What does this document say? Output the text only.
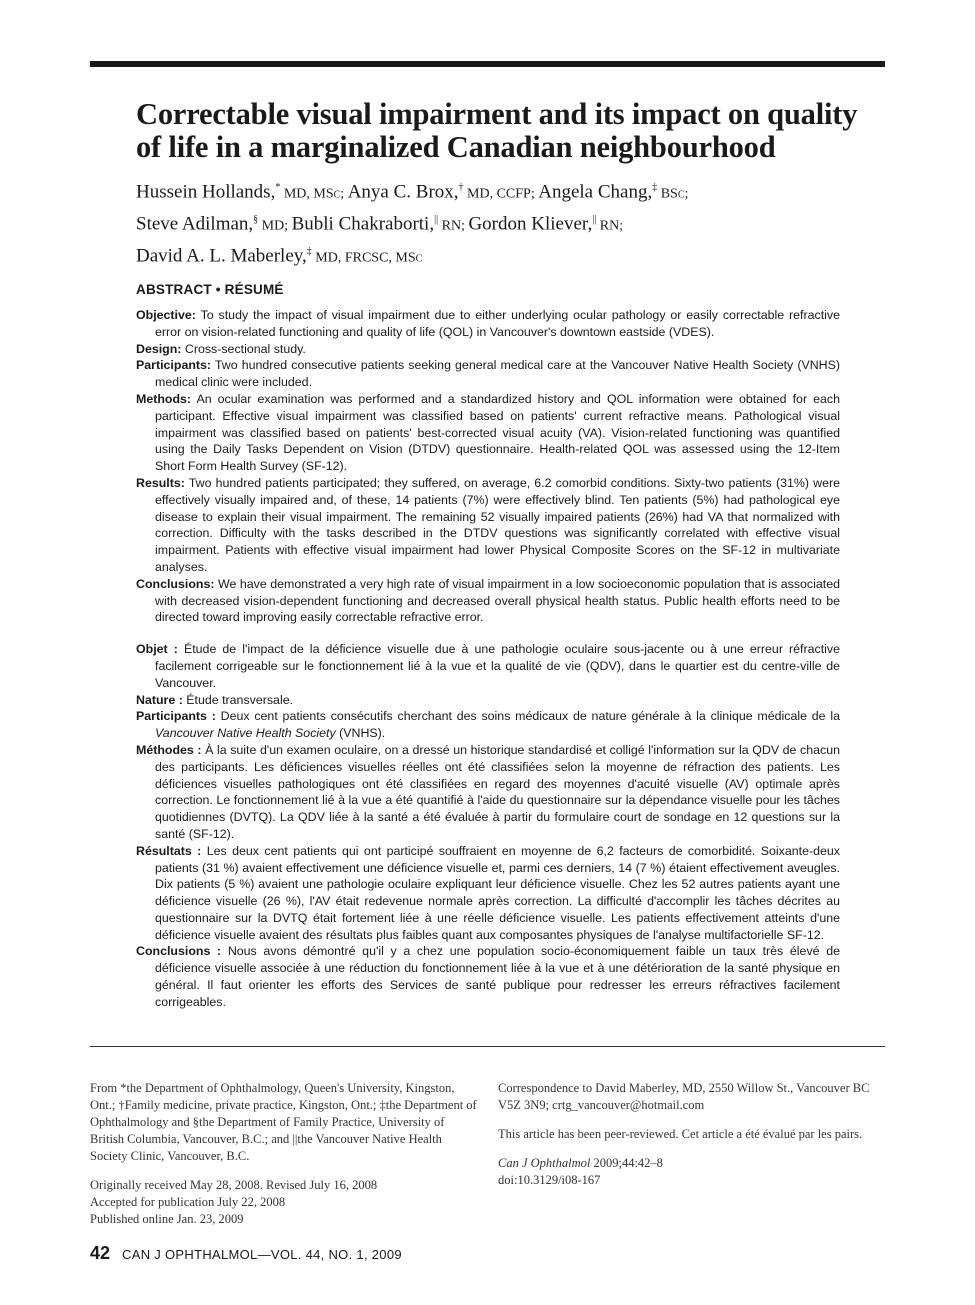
Correctable visual impairment and its impact on quality of life in a marginalized Canadian neighbourhood
Hussein Hollands,* MD, MSc; Anya C. Brox,† MD, CCFP; Angela Chang,‡ BSc;
Steve Adilman,§ MD; Bubli Chakraborti,|| RN; Gordon Kliever,|| RN;
David A. L. Maberley,‡ MD, FRCSC, MSc
ABSTRACT • RÉSUMÉ

Objective: To study the impact of visual impairment due to either underlying ocular pathology or easily correctable refractive error on vision-related functioning and quality of life (QOL) in Vancouver's downtown eastside (VDES).

Design: Cross-sectional study.

Participants: Two hundred consecutive patients seeking general medical care at the Vancouver Native Health Society (VNHS) medical clinic were included.

Methods: An ocular examination was performed and a standardized history and QOL information were obtained for each participant. Effective visual impairment was classified based on patients' current refractive means. Pathological visual impairment was classified based on patients' best-corrected visual acuity (VA). Vision-related functioning was quantified using the Daily Tasks Dependent on Vision (DTDV) questionnaire. Health-related QOL was assessed using the 12-Item Short Form Health Survey (SF-12).

Results: Two hundred patients participated; they suffered, on average, 6.2 comorbid conditions. Sixty-two patients (31%) were effectively visually impaired and, of these, 14 patients (7%) were effectively blind. Ten patients (5%) had pathological eye disease to explain their visual impairment. The remaining 52 visually impaired patients (26%) had VA that normalized with correction. Difficulty with the tasks described in the DTDV questions was significantly correlated with effective visual impairment. Patients with effective visual impairment had lower Physical Composite Scores on the SF-12 in multivariate analyses.

Conclusions: We have demonstrated a very high rate of visual impairment in a low socioeconomic population that is associated with decreased vision-dependent functioning and decreased overall physical health status. Public health efforts need to be directed toward improving easily correctable refractive error.

Objet : Étude de l'impact de la déficience visuelle due à une pathologie oculaire sous-jacente ou à une erreur réfractive facilement corrigeable sur le fonctionnement lié à la vue et la qualité de vie (QDV), dans le quartier est du centre-ville de Vancouver.

Nature : Étude transversale.

Participants : Deux cent patients consécutifs cherchant des soins médicaux de nature générale à la clinique médicale de la Vancouver Native Health Society (VNHS).

Méthodes : À la suite d'un examen oculaire, on a dressé un historique standardisé et colligé l'information sur la QDV de chacun des participants. Les déficiences visuelles réelles ont été classifiées selon la moyenne de réfraction des patients. Les déficiences visuelles pathologiques ont été classifiées en regard des moyennes d'acuité visuelle (AV) optimale après correction. Le fonctionnement lié à la vue a été quantifié à l'aide du questionnaire sur la dépendance visuelle pour les tâches quotidiennes (DVTQ). La QDV liée à la santé a été évaluée à partir du formulaire court de sondage en 12 questions sur la santé (SF-12).

Résultats : Les deux cent patients qui ont participé souffraient en moyenne de 6,2 facteurs de comorbidité. Soixante-deux patients (31 %) avaient effectivement une déficience visuelle et, parmi ces derniers, 14 (7 %) étaient effectivement aveugles. Dix patients (5 %) avaient une pathologie oculaire expliquant leur déficience visuelle. Chez les 52 autres patients ayant une déficience visuelle (26 %), l'AV était redevenue normale après correction. La difficulté d'accomplir les tâches décrites au questionnaire sur la DVTQ était fortement liée à une réelle déficience visuelle. Les patients effectivement atteints d'une déficience visuelle avaient des résultats plus faibles quant aux composantes physiques de l'analyse multifactorielle SF-12.

Conclusions : Nous avons démontré qu'il y a chez une population socio-économiquement faible un taux très élevé de déficience visuelle associée à une réduction du fonctionnement liée à la vue et à une détérioration de la santé physique en général. Il faut orienter les efforts des Services de santé publique pour redresser les erreurs réfractives facilement corrigeables.

From *the Department of Ophthalmology, Queen's University, Kingston, Ont.; †Family medicine, private practice, Kingston, Ont.; ‡the Department of Ophthalmology and §the Department of Family Practice, University of British Columbia, Vancouver, B.C.; and ||the Vancouver Native Health Society Clinic, Vancouver, B.C.

Originally received May 28, 2008. Revised July 16, 2008
Accepted for publication July 22, 2008
Published online Jan. 23, 2009

Correspondence to David Maberley, MD, 2550 Willow St., Vancouver BC V5Z 3N9; crtg_vancouver@hotmail.com

This article has been peer-reviewed. Cet article a été évalué par les pairs.

Can J Ophthalmol 2009;44:42–8
doi:10.3129/i08-167

42 CAN J OPHTHALMOL—VOL. 44, NO. 1, 2009
